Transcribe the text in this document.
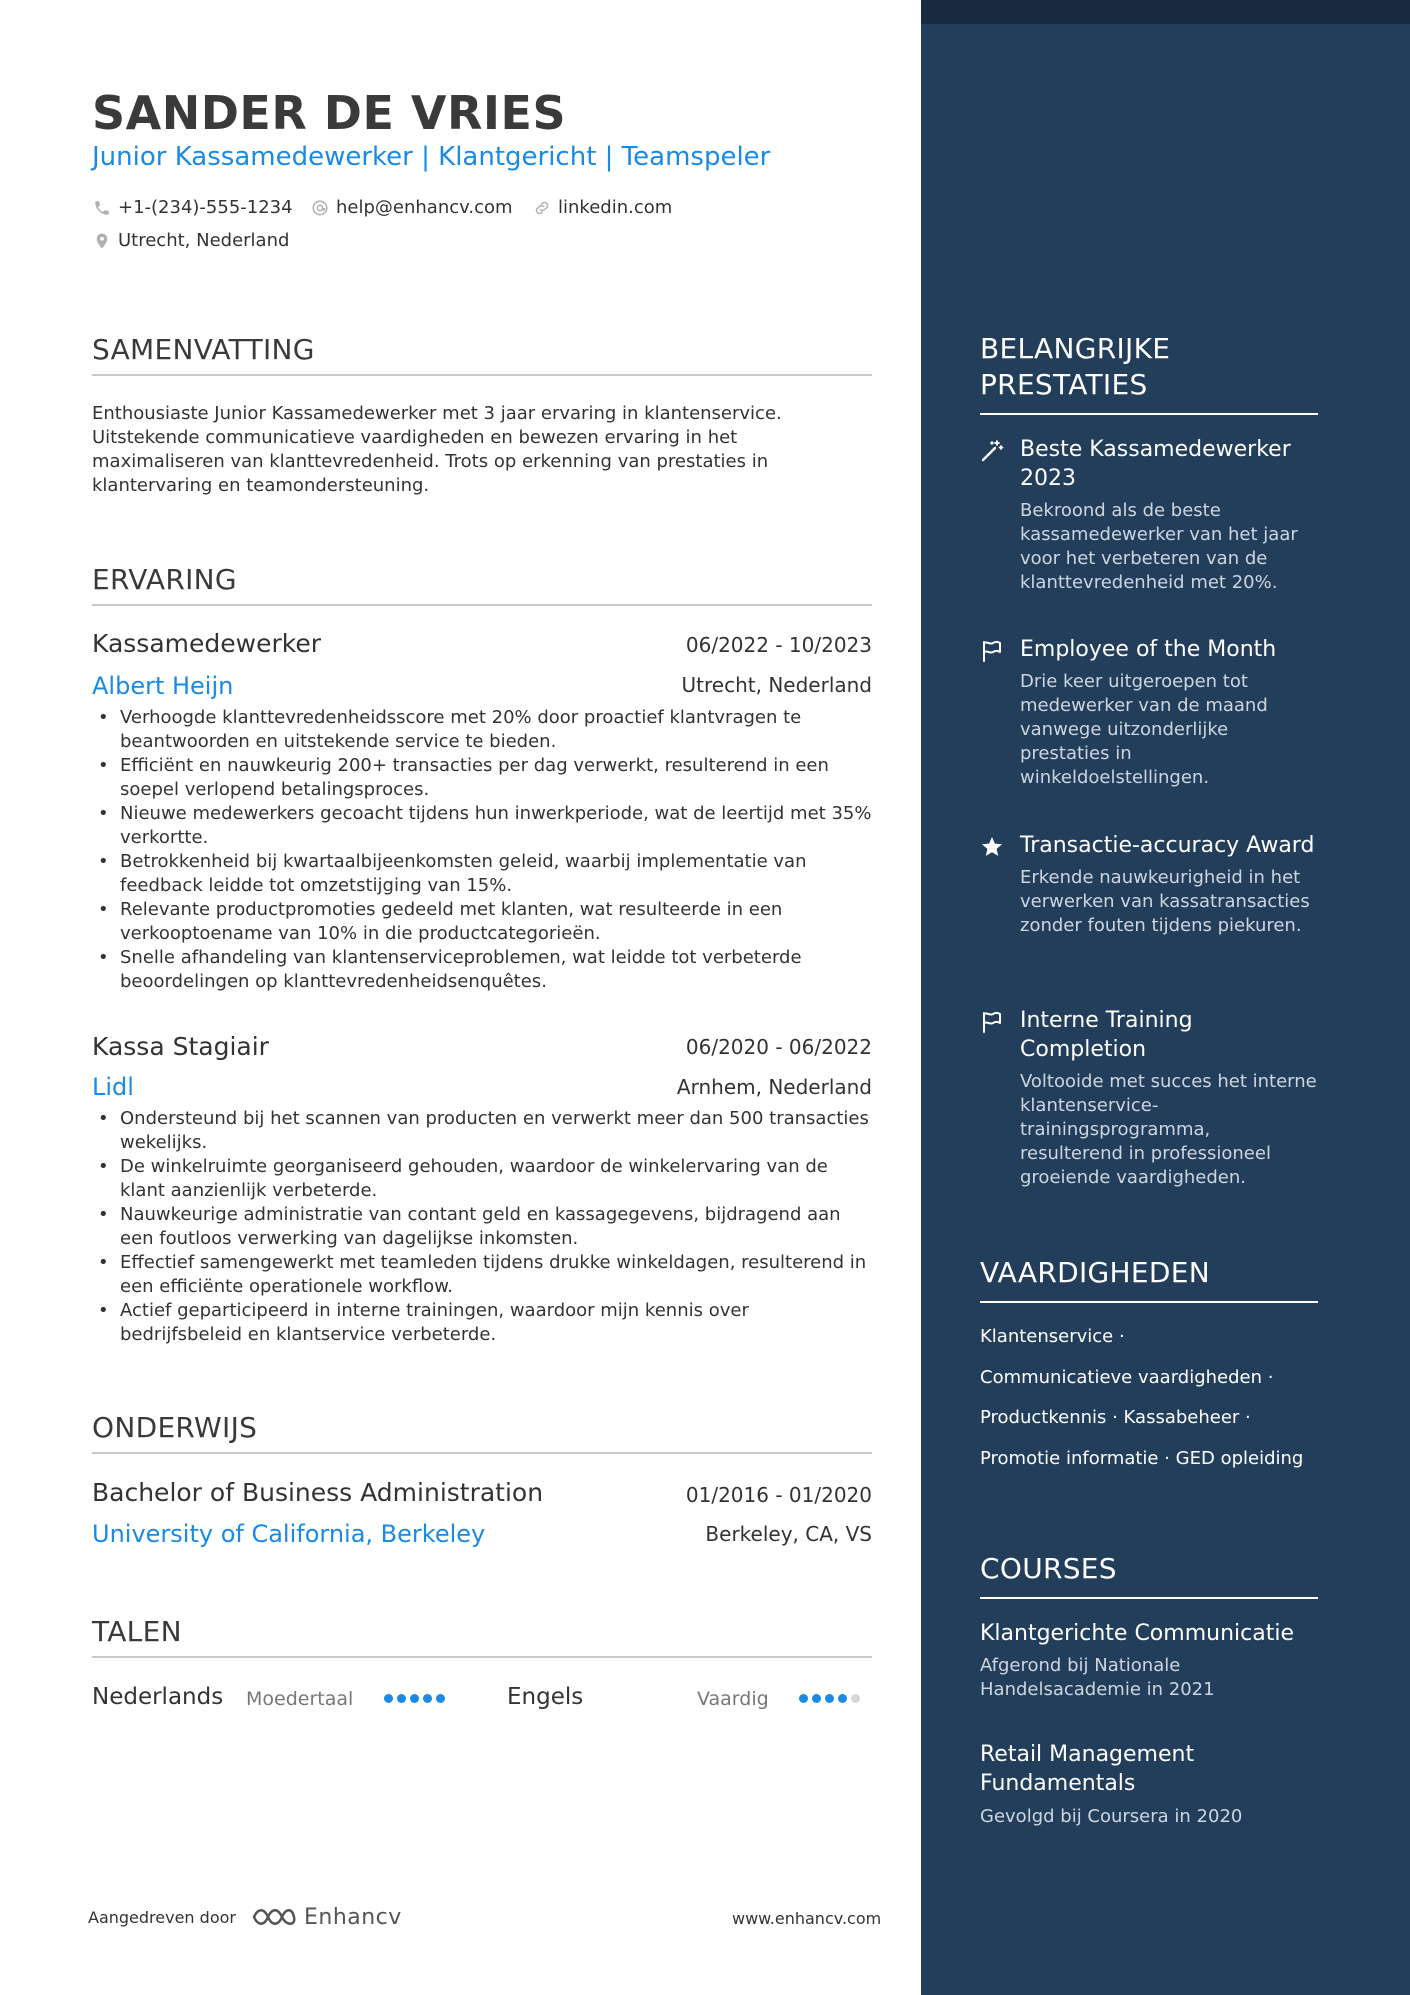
SANDER DE VRIES
Junior Kassamedewerker | Klantgericht | Teamspeler
+1-(234)-555-1234 help@enhancv.com	linkedin.com
Utrecht, Nederland
SAMENVATTING
Enthousiaste Junior Kassamedewerker met 3 jaar ervaring in klantenservice. Uitstekende communicatieve vaardigheden en bewezen ervaring in het maximaliseren van klanttevredenheid. Trots op erkenning van prestaties in klantervaring en teamondersteuning.
ERVARING
Kassamedewerker	06/2022 - 10/2023
Albert Heijn	Utrecht, Nederland
• Verhoogde klanttevredenheidsscore met 20% door proactief klantvragen te beantwoorden en uitstekende service te bieden.
• Efficiënt en nauwkeurig 200+ transacties per dag verwerkt, resulterend in een soepel verlopend betalingsproces.
• Nieuwe medewerkers gecoacht tijdens hun inwerkperiode, wat de leertijd met 35% verkortte.
• Betrokkenheid bij kwartaalbijeenkomsten geleid, waarbij implementatie van feedback leidde tot omzetstijging van 15%.
• Relevante productpromoties gedeeld met klanten, wat resulteerde in een verkooptoename van 10% in die productcategorieën.
• Snelle afhandeling van klantenserviceproblemen, wat leidde tot verbeterde beoordelingen op klanttevredenheidsenquêtes.
Kassa Stagiair	06/2020 - 06/2022
Lidl	Arnhem, Nederland
• Ondersteund bij het scannen van producten en verwerkt meer dan 500 transacties wekelijks.
• De winkelruimte georganiseerd gehouden, waardoor de winkelervaring van de klant aanzienlijk verbeterde.
• Nauwkeurige administratie van contant geld en kassagegevens, bijdragend aan een foutloos verwerking van dagelijkse inkomsten.
• Effectief samengewerkt met teamleden tijdens drukke winkeldagen, resulterend in een efficiënte operationele workflow.
• Actief geparticipeerd in interne trainingen, waardoor mijn kennis over bedrijfsbeleid en klantservice verbeterde.
ONDERWIJS
Bachelor of Business Administration	01/2016 - 01/2020
University of California, Berkeley	Berkeley, CA, VS
TALEN
Nederlands Moedertaal	Engels	Vaardig
Aangedreven door	Enhancv	www.enhancv.com
BELANGRIJKE PRESTATIES
Beste Kassamedewerker 2023
Bekroond als de beste kassamedewerker van het jaar voor het verbeteren van de klanttevredenheid met 20%.
Employee of the Month
Drie keer uitgeroepen tot medewerker van de maand vanwege uitzonderlijke prestaties in winkeldoelstellingen.
Transactie-accuracy Award
Erkende nauwkeurigheid in het verwerken van kassatransacties zonder fouten tijdens piekuren.
Interne Training Completion
Voltooide met succes het interne klantenservice-trainingsprogramma, resulterend in professioneel groeiende vaardigheden.
VAARDIGHEDEN
Klantenservice ·
Communicatieve vaardigheden ·
Productkennis · Kassabeheer ·
Promotie informatie · GED opleiding
COURSES
Klantgerichte Communicatie
Afgerond bij Nationale Handelsacademie in 2021
Retail Management Fundamentals
Gevolgd bij Coursera in 2020
